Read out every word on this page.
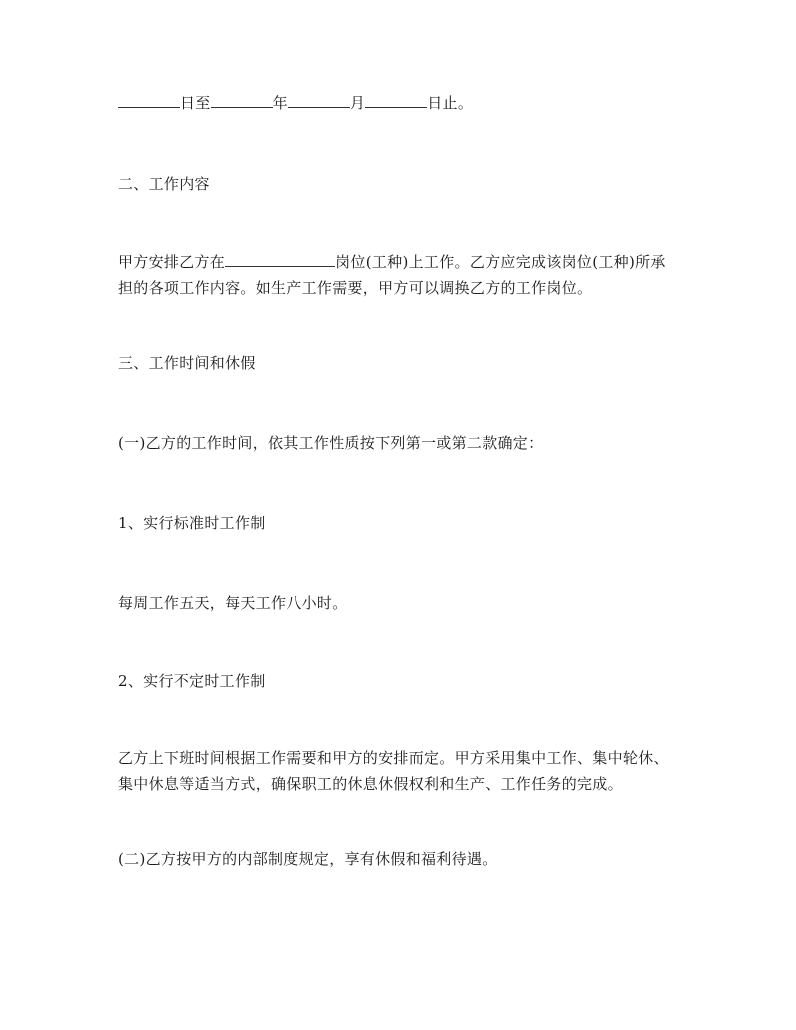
日至	年	月	日止。
二、工作内容
甲方安排乙方在	岗位(工种)上工作。乙方应完成该岗位(工种)所承
担的各项工作内容。如生产工作需要，甲方可以调换乙方的工作岗位。
三、工作时间和休假
(一)乙方的工作时间，依其工作性质按下列第一或第二款确定：
1、实行标准时工作制
每周工作五天，每天工作八小时。
2、实行不定时工作制
乙方上下班时间根据工作需要和甲方的安排而定。甲方采用集中工作、集中轮休、
集中休息等适当方式，确保职工的休息休假权利和生产、工作任务的完成。
(二)乙方按甲方的内部制度规定，享有休假和福利待遇。
